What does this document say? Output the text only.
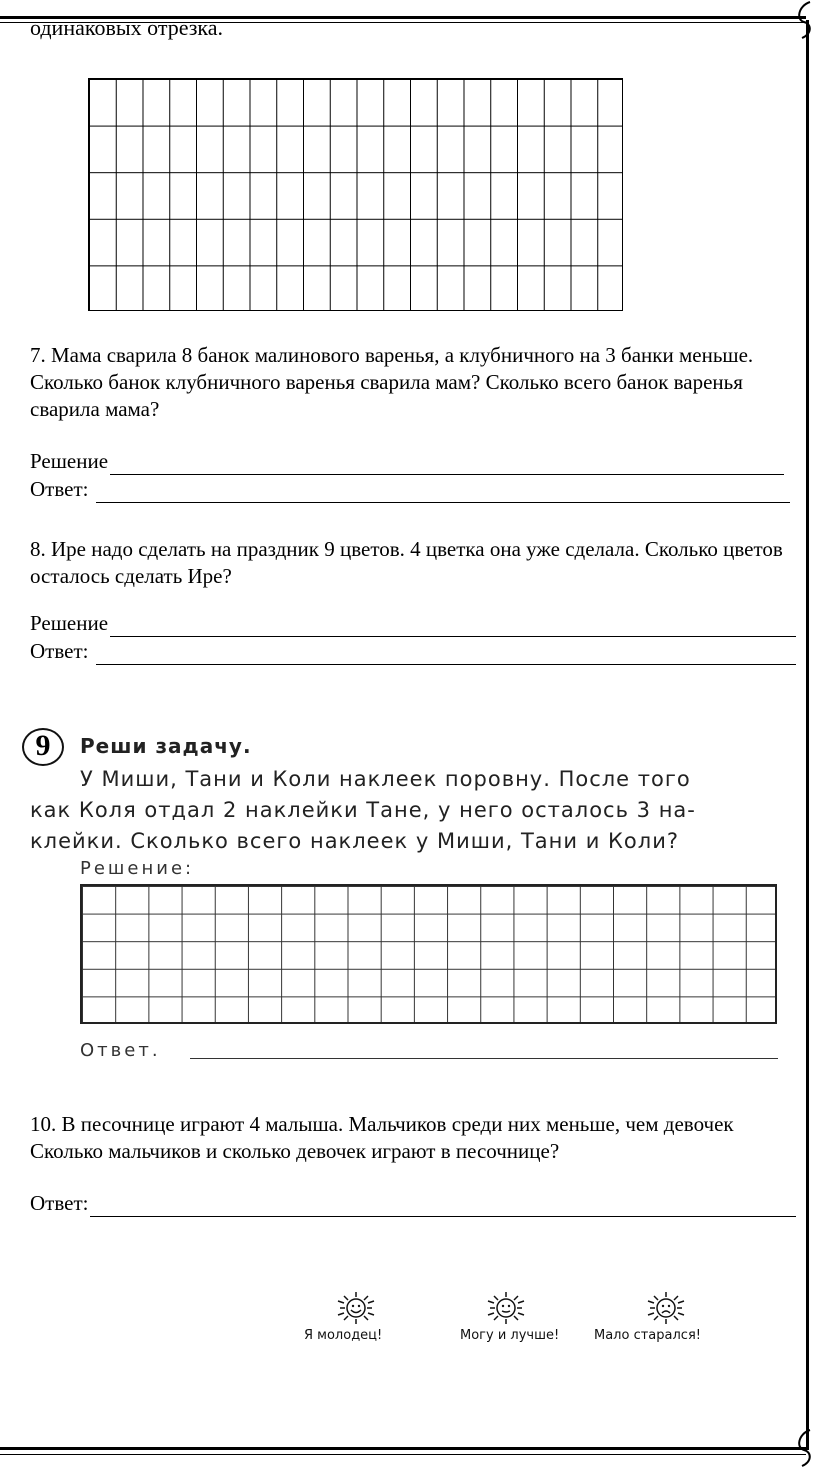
одинаковых отрезка.
7. Мама сварила 8 банок малинового варенья, а клубничного на 3 банки меньше. Сколько банок клубничного варенья сварила мам? Сколько всего банок варенья сварила мама?
Решение
Ответ:
8. Ире надо сделать на праздник 9 цветов. 4 цветка она уже сделала. Сколько цветов осталось сделать Ире?
Решение
Ответ:
9	Реши задачу.
У Миши, Тани и Коли наклеек поровну. После того
как Коля отдал 2 наклейки Тане, у него осталось 3 на-
клейки. Сколько всего наклеек у Миши, Тани и Коли?
Решение:
Ответ.
10. В песочнице играют 4 малыша. Мальчиков среди них меньше, чем девочек Сколько мальчиков и сколько девочек играют в песочнице?
Ответ:
Я молодец!	Могу и лучше!	Мало старался!
